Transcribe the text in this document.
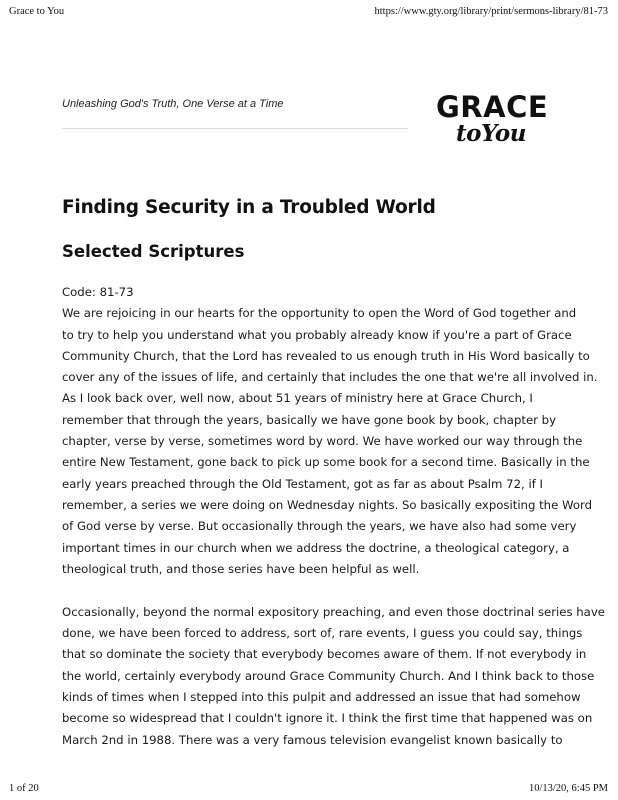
Grace to You	https://www.gty.org/library/print/sermons-library/81-73
Unleashing God's Truth, One Verse at a Time	GRACE
toYou
Finding Security in a Troubled World
Selected Scriptures
Code: 81-73
We are rejoicing in our hearts for the opportunity to open the Word of God together and
to try to help you understand what you probably already know if you're a part of Grace
Community Church, that the Lord has revealed to us enough truth in His Word basically to
cover any of the issues of life, and certainly that includes the one that we're all involved in.
As I look back over, well now, about 51 years of ministry here at Grace Church, I
remember that through the years, basically we have gone book by book, chapter by
chapter, verse by verse, sometimes word by word. We have worked our way through the
entire New Testament, gone back to pick up some book for a second time. Basically in the
early years preached through the Old Testament, got as far as about Psalm 72, if I
remember, a series we were doing on Wednesday nights. So basically expositing the Word
of God verse by verse. But occasionally through the years, we have also had some very
important times in our church when we address the doctrine, a theological category, a
theological truth, and those series have been helpful as well.
Occasionally, beyond the normal expository preaching, and even those doctrinal series have
done, we have been forced to address, sort of, rare events, I guess you could say, things
that so dominate the society that everybody becomes aware of them. If not everybody in
the world, certainly everybody around Grace Community Church. And I think back to those
kinds of times when I stepped into this pulpit and addressed an issue that had somehow
become so widespread that I couldn't ignore it. I think the first time that happened was on
March 2nd in 1988. There was a very famous television evangelist known basically to
1 of 20	10/13/20, 6:45 PM
